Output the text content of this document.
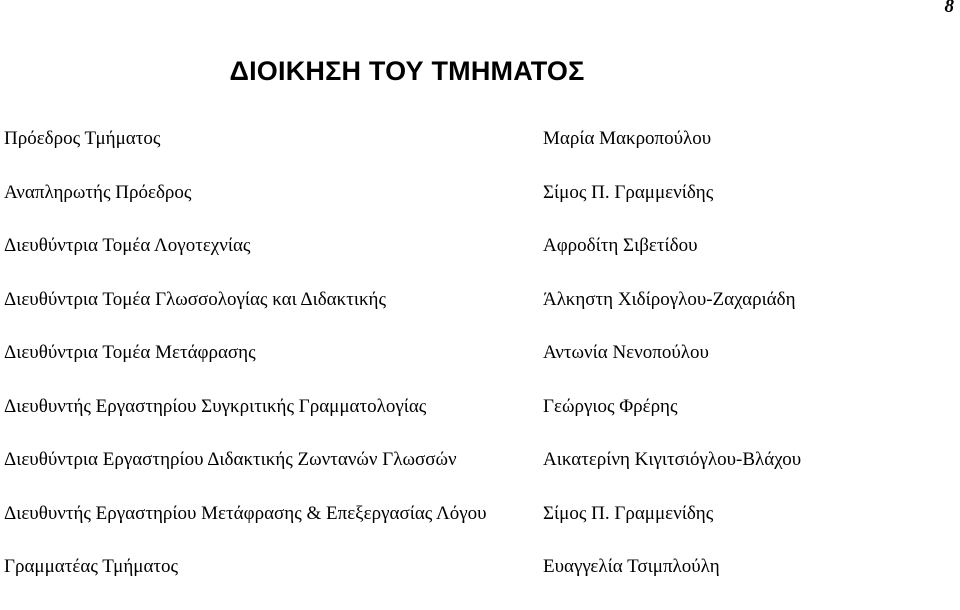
8
ΔΙΟΙΚΗΣΗ ΤΟΥ ΤΜΗΜΑΤΟΣ
Πρόεδρος Τμήματος	Μαρία Μακροπούλου
Αναπληρωτής Πρόεδρος	Σίμος Π. Γραμμενίδης
Διευθύντρια Τομέα Λογοτεχνίας	Αφροδίτη Σιβετίδου
Διευθύντρια Τομέα Γλωσσολογίας και Διδακτικής	Άλκηστη Χιδίρογλου-Ζαχαριάδη
Διευθύντρια Τομέα Μετάφρασης	Αντωνία Νενοπούλου
Διευθυντής Εργαστηρίου Συγκριτικής Γραμματολογίας	Γεώργιος Φρέρης
Διευθύντρια Εργαστηρίου Διδακτικής Ζωντανών Γλωσσών	Αικατερίνη Κιγιτσιόγλου-Βλάχου
Διευθυντής Εργαστηρίου Μετάφρασης & Επεξεργασίας Λόγου	Σίμος Π. Γραμμενίδης
Γραμματέας Τμήματος	Ευαγγελία Τσιμπλούλη
